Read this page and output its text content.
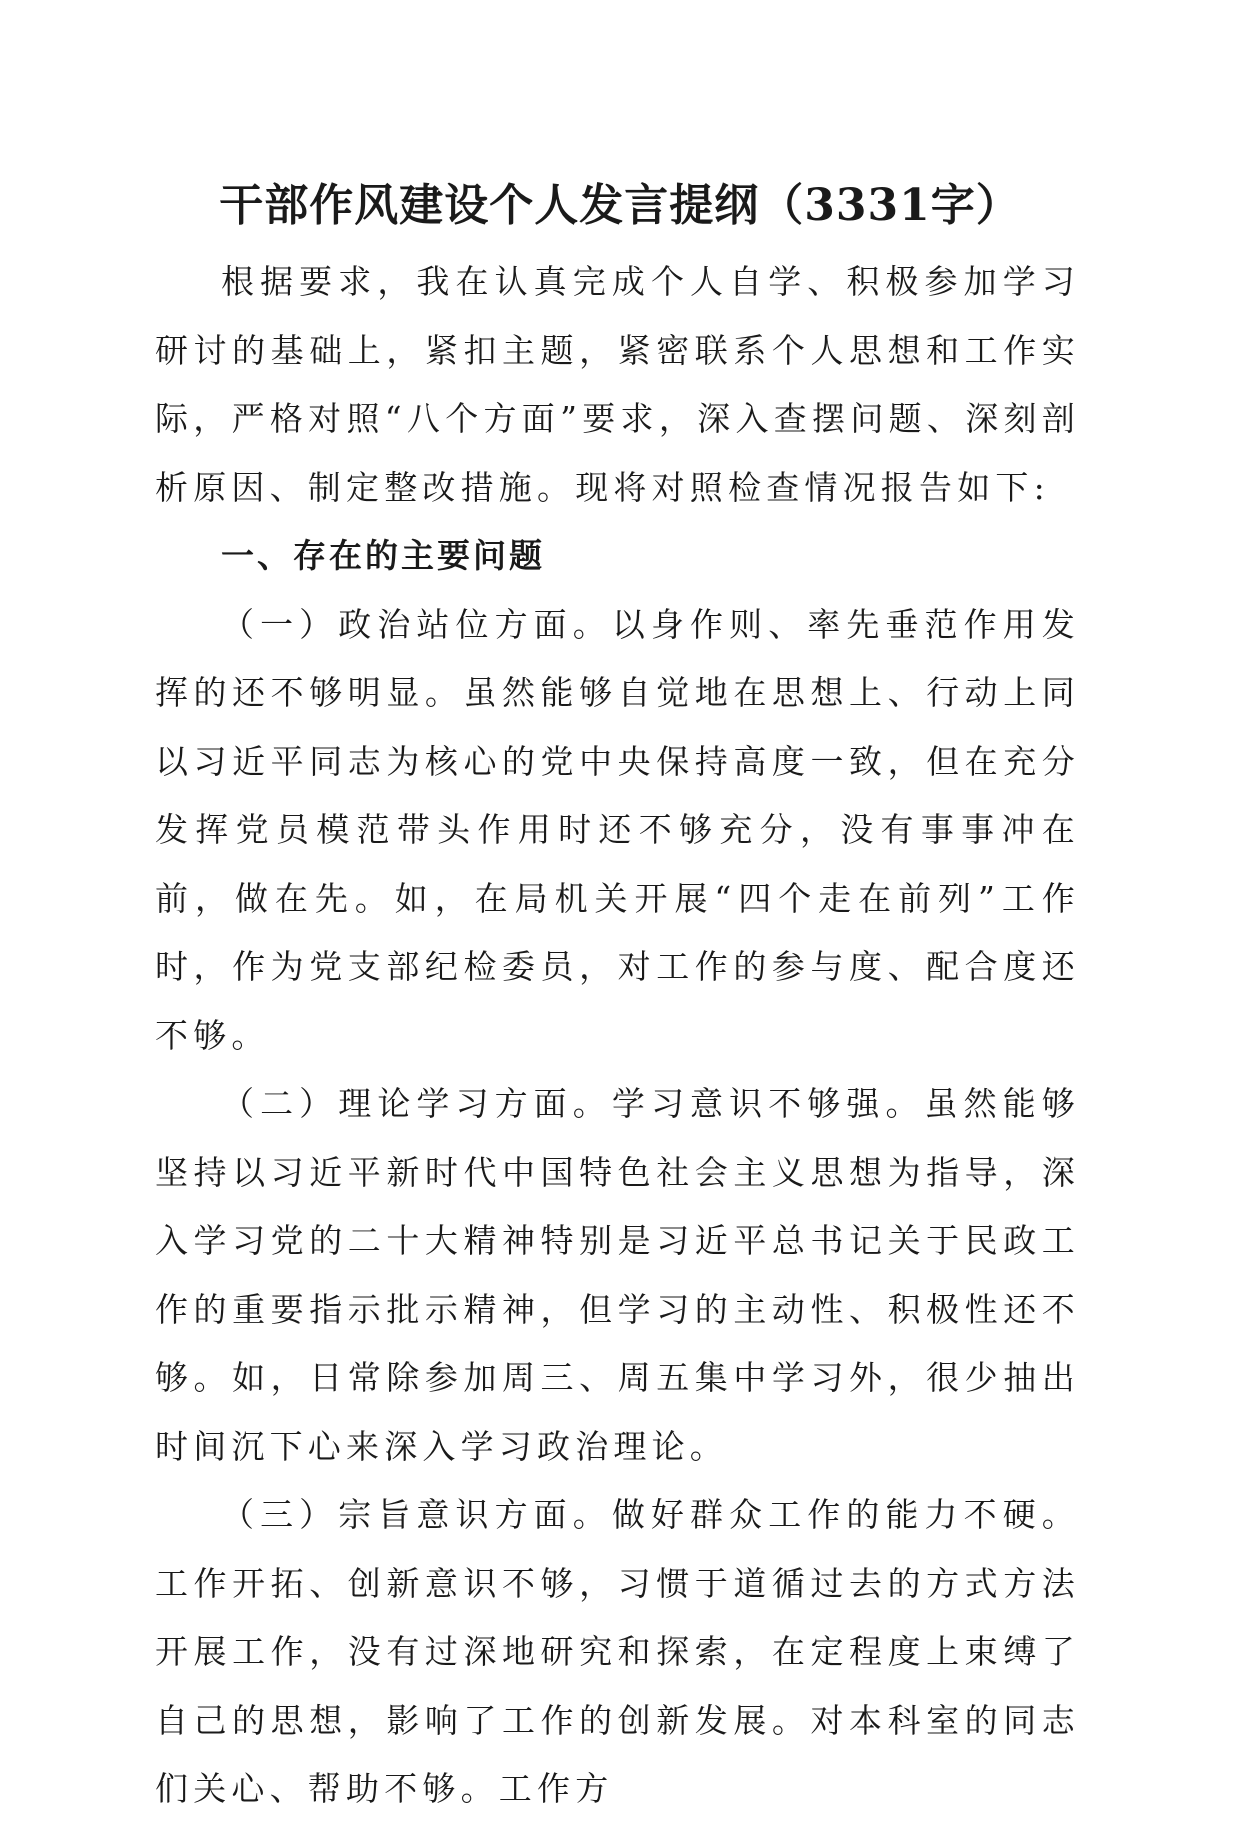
干部作风建设个人发言提纲（3331字）

根据要求，我在认真完成个人自学、积极参加学习研讨的基础上，紧扣主题，紧密联系个人思想和工作实际，严格对照“八个方面”要求，深入查摆问题、深刻剖析原因、制定整改措施。现将对照检查情况报告如下:

一、存在的主要问题

（一）政治站位方面。以身作则、率先垂范作用发挥的还不够明显。虽然能够自觉地在思想上、行动上同以习近平同志为核心的党中央保持高度一致，但在充分发挥党员模范带头作用时还不够充分，没有事事冲在前，做在先。如，在局机关开展“四个走在前列”工作时，作为党支部纪检委员，对工作的参与度、配合度还不够。

（二）理论学习方面。学习意识不够强。虽然能够坚持以习近平新时代中国特色社会主义思想为指导，深入学习党的二十大精神特别是习近平总书记关于民政工作的重要指示批示精神，但学习的主动性、积极性还不够。如，日常除参加周三、周五集中学习外，很少抽出时间沉下心来深入学习政治理论。

（三）宗旨意识方面。做好群众工作的能力不硬。工作开拓、创新意识不够，习惯于道循过去的方式方法开展工作，没有过深地研究和探索，在定程度上束缚了自己的思想，影响了工作的创新发展。对本科室的同志们关心、帮助不够。工作方
